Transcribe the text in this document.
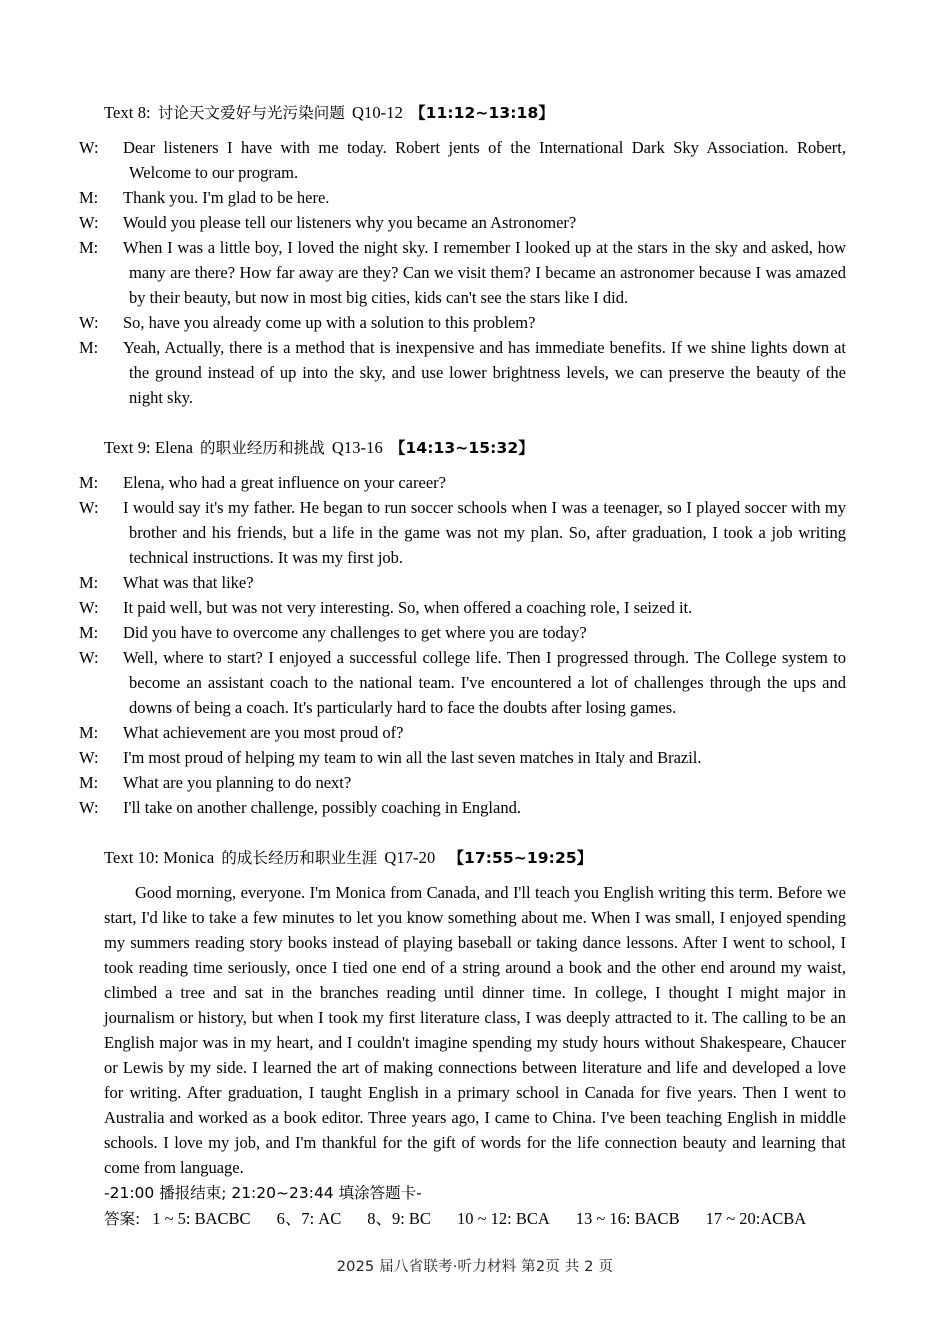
Text 8: 讨论天文爱好与光污染问题 Q10-12 【11:12~13:18】

W: Dear listeners I have with me today. Robert jents of the International Dark Sky Association. Robert, Welcome to our program.

M: Thank you. I'm glad to be here.

W: Would you please tell our listeners why you became an Astronomer?

M: When I was a little boy, I loved the night sky. I remember I looked up at the stars in the sky and asked, how many are there? How far away are they? Can we visit them? I became an astronomer because I was amazed by their beauty, but now in most big cities, kids can't see the stars like I did.

W: So, have you already come up with a solution to this problem?

M: Yeah, Actually, there is a method that is inexpensive and has immediate benefits. If we shine lights down at the ground instead of up into the sky, and use lower brightness levels, we can preserve the beauty of the night sky.

Text 9: Elena 的职业经历和挑战 Q13-16 【14:13~15:32】

M: Elena, who had a great influence on your career?

W: I would say it's my father. He began to run soccer schools when I was a teenager, so I played soccer with my brother and his friends, but a life in the game was not my plan. So, after graduation, I took a job writing technical instructions. It was my first job.

M: What was that like?

W: It paid well, but was not very interesting. So, when offered a coaching role, I seized it.

M: Did you have to overcome any challenges to get where you are today?

W: Well, where to start? I enjoyed a successful college life. Then I progressed through. The College system to become an assistant coach to the national team. I've encountered a lot of challenges through the ups and downs of being a coach. It's particularly hard to face the doubts after losing games.

M: What achievement are you most proud of?

W: I'm most proud of helping my team to win all the last seven matches in Italy and Brazil.

M: What are you planning to do next?

W: I'll take on another challenge, possibly coaching in England.

Text 10: Monica 的成长经历和职业生涯 Q17-20 【17:55~19:25】

Good morning, everyone. I'm Monica from Canada, and I'll teach you English writing this term. Before we start, I'd like to take a few minutes to let you know something about me. When I was small, I enjoyed spending my summers reading story books instead of playing baseball or taking dance lessons. After I went to school, I took reading time seriously, once I tied one end of a string around a book and the other end around my waist, climbed a tree and sat in the branches reading until dinner time. In college, I thought I might major in journalism or history, but when I took my first literature class, I was deeply attracted to it. The calling to be an English major was in my heart, and I couldn't imagine spending my study hours without Shakespeare, Chaucer or Lewis by my side. I learned the art of making connections between literature and life and developed a love for writing. After graduation, I taught English in a primary school in Canada for five years. Then I went to Australia and worked as a book editor. Three years ago, I came to China. I've been teaching English in middle schools. I love my job, and I'm thankful for the gift of words for the life connection beauty and learning that come from language.

-21:00 播报结束; 21:20~23:44 填涂答题卡-

答案: 1 ~ 5: BACBC 6、7: AC 8、9: BC 10 ~ 12: BCA 13 ~ 16: BACB 17 ~ 20:ACBA

2025 届八省联考·听力材料 第2页 共 2 页
